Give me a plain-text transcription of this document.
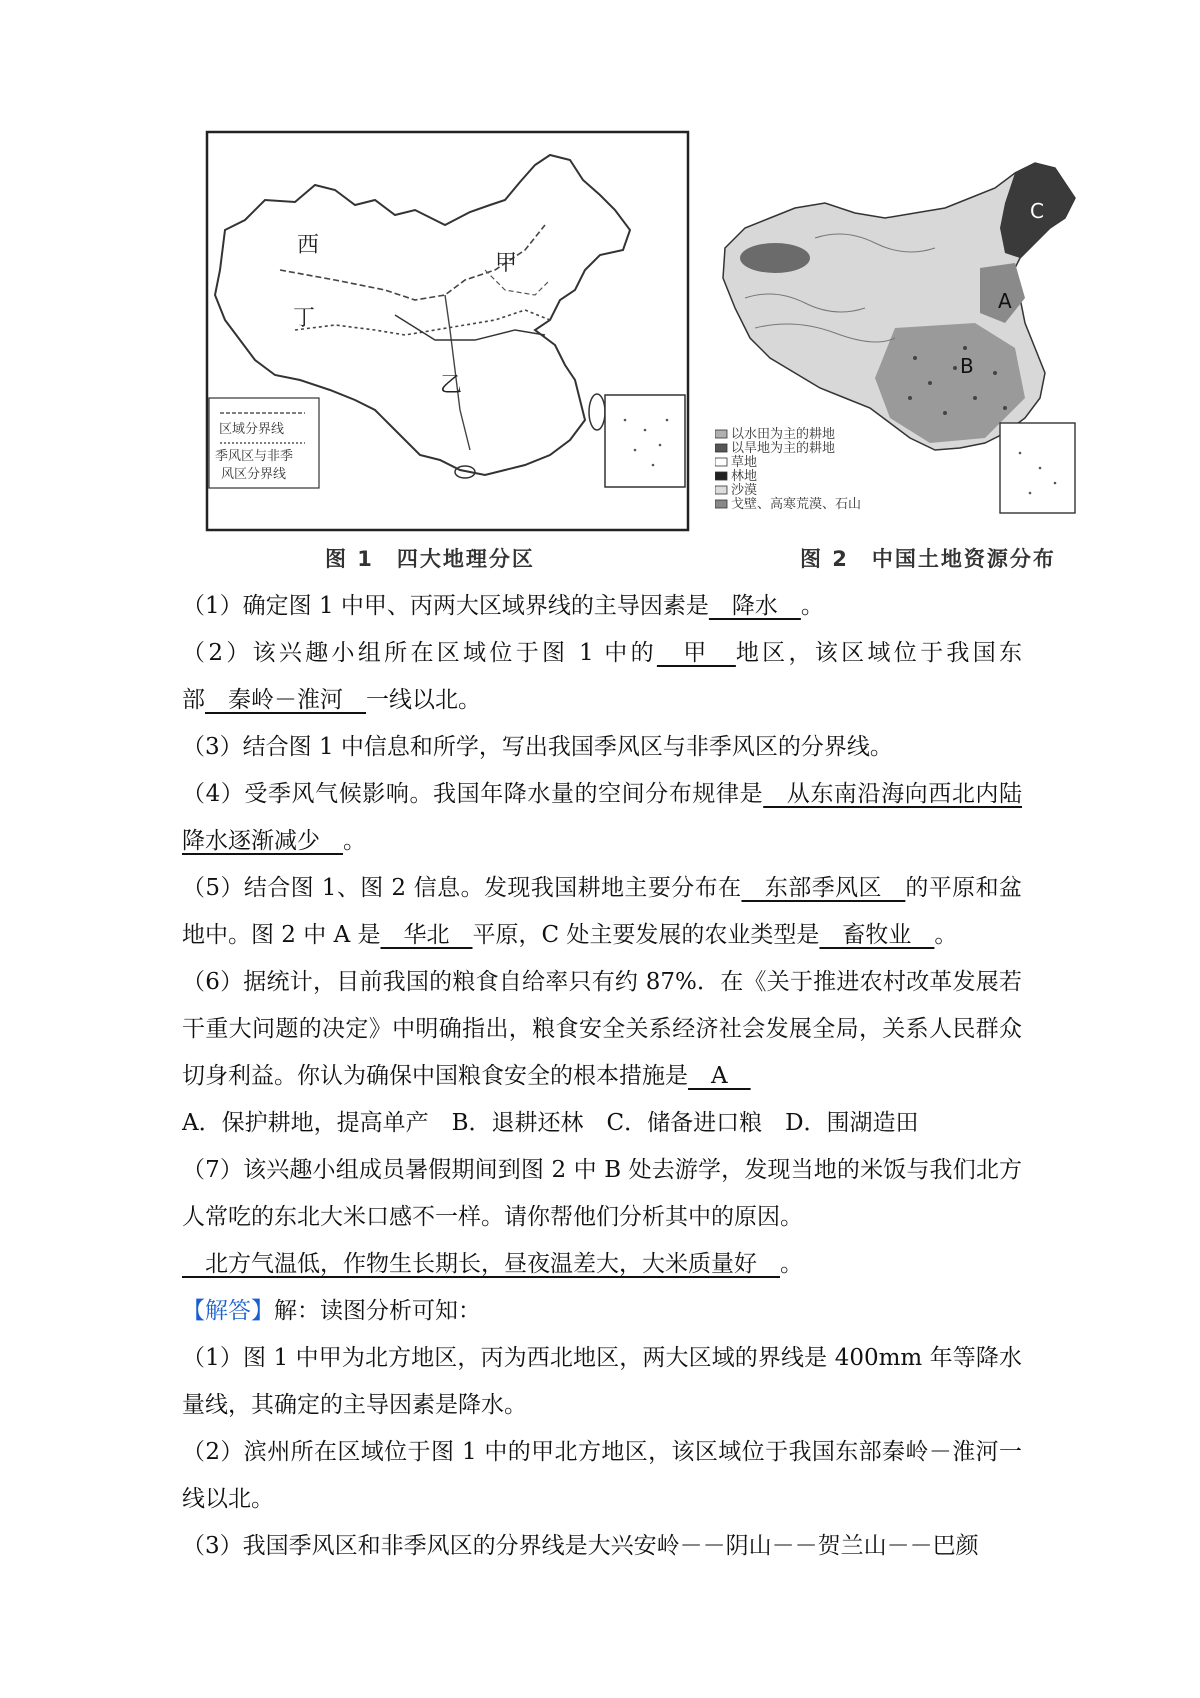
西
甲
丁
乙
区域分界线
季风区与非季
风区分界线
C
A
B
以水田为主的耕地
以旱地为主的耕地
草地
林地
沙漠
戈壁、高寒荒漠、石山
图 1　四大地理分区	图 2　中国土地资源分布

（1）确定图 1 中甲、丙两大区域界线的主导因素是　降水　。

（2）该兴趣小组所在区域位于图 1 中的　甲　地区，该区域位于我国东部　秦岭－淮河　一线以北。

（3）结合图 1 中信息和所学，写出我国季风区与非季风区的分界线。

（4）受季风气候影响。我国年降水量的空间分布规律是　从东南沿海向西北内陆降水逐渐减少　。

（5）结合图 1、图 2 信息。发现我国耕地主要分布在　东部季风区　的平原和盆地中。图 2 中 A 是　华北　平原，C 处主要发展的农业类型是　畜牧业　。

（6）据统计，目前我国的粮食自给率只有约 87%．在《关于推进农村改革发展若干重大问题的决定》中明确指出，粮食安全关系经济社会发展全局，关系人民群众切身利益。你认为确保中国粮食安全的根本措施是　A　

A．保护耕地，提高单产　B．退耕还林　C．储备进口粮　D．围湖造田

（7）该兴趣小组成员暑假期间到图 2 中 B 处去游学，发现当地的米饭与我们北方人常吃的东北大米口感不一样。请你帮他们分析其中的原因。

　北方气温低，作物生长期长，昼夜温差大，大米质量好　。

【解答】解：读图分析可知：

（1）图 1 中甲为北方地区，丙为西北地区，两大区域的界线是 400mm 年等降水量线，其确定的主导因素是降水。

（2）滨州所在区域位于图 1 中的甲北方地区，该区域位于我国东部秦岭－淮河一线以北。

（3）我国季风区和非季风区的分界线是大兴安岭－－阴山－－贺兰山－－巴颜
